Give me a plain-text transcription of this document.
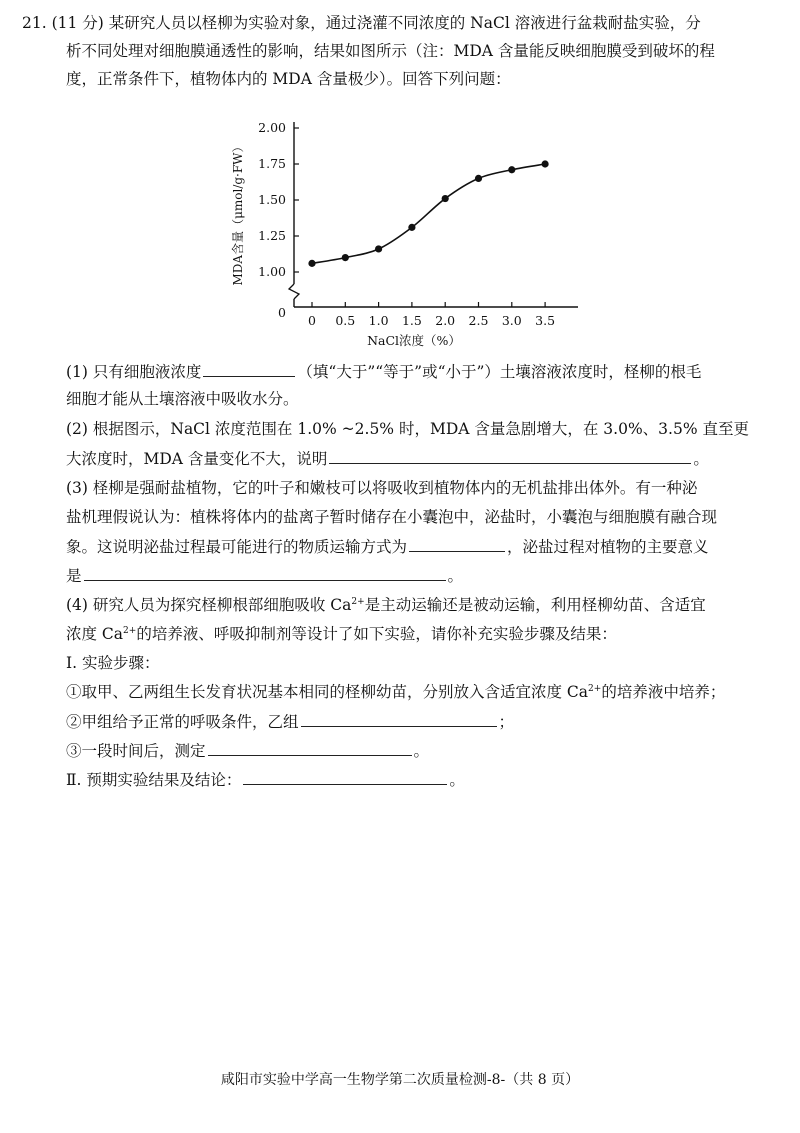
21. (11 分) 某研究人员以柽柳为实验对象，通过浇灌不同浓度的 NaCl 溶液进行盆栽耐盐实验，分
析不同处理对细胞膜通透性的影响，结果如图所示（注：MDA 含量能反映细胞膜受到破坏的程
度，正常条件下，植物体内的 MDA 含量极少）。回答下列问题：
1.00
1.25
1.50
1.75
2.00
0
0 0.5 1.0 1.5 2.0 2.5 3.0 3.5
MDA含量（μmol/g·FW）
NaCl浓度（%）
(1) 只有细胞液浓度	（填“大于”“等于”或“小于”）土壤溶液浓度时，柽柳的根毛
细胞才能从土壤溶液中吸收水分。
(2) 根据图示，NaCl 浓度范围在 1.0% ~2.5% 时，MDA 含量急剧增大，在 3.0%、3.5% 直至更
大浓度时，MDA 含量变化不大，说明	。
(3) 柽柳是强耐盐植物，它的叶子和嫩枝可以将吸收到植物体内的无机盐排出体外。有一种泌
盐机理假说认为：植株将体内的盐离子暂时储存在小囊泡中，泌盐时，小囊泡与细胞膜有融合现
象。这说明泌盐过程最可能进行的物质运输方式为	，泌盐过程对植物的主要意义
是	。
(4) 研究人员为探究柽柳根部细胞吸收 $Ca^{2+}$是主动运输还是被动运输，利用柽柳幼苗、含适宜
浓度 $Ca^{2+}$的培养液、呼吸抑制剂等设计了如下实验，请你补充实验步骤及结果：
Ⅰ. 实验步骤：
①取甲、乙两组生长发育状况基本相同的柽柳幼苗，分别放入含适宜浓度 $Ca^{2+}$的培养液中培养；
②甲组给予正常的呼吸条件，乙组	；
③一段时间后，测定	。
Ⅱ. 预期实验结果及结论：	。
咸阳市实验中学高一生物学第二次质量检测-8-（共 8 页）
